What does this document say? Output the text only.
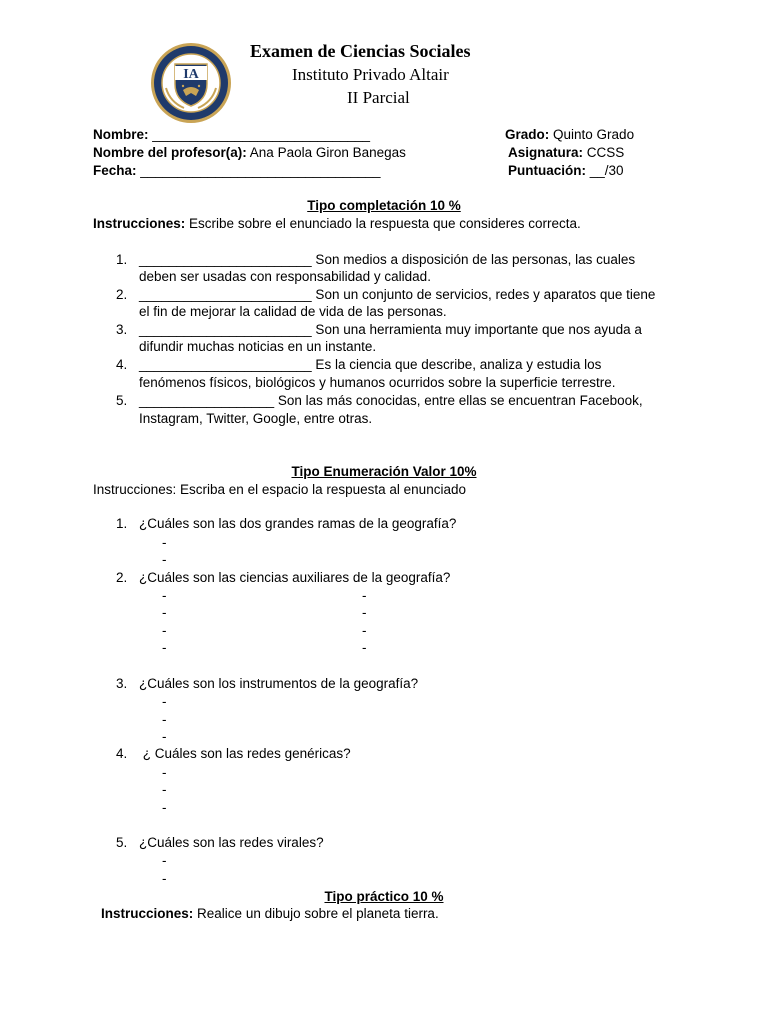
IA
Examen de Ciencias Sociales
Instituto Privado Altair
II Parcial
Nombre: _____________________________
Nombre del profesor(a): Ana Paola Giron Banegas
Fecha: ________________________________
Grado: Quinto Grado
Asignatura: CCSS
Puntuación: __/30
Tipo completación 10 %
Instrucciones: Escribe sobre el enunciado la respuesta que consideres correcta.
1. _______________________ Son medios a disposición de las personas, las cuales
deben ser usadas con responsabilidad y calidad.
2. _______________________ Son un conjunto de servicios, redes y aparatos que tiene
el fin de mejorar la calidad de vida de las personas.
3. _______________________ Son una herramienta muy importante que nos ayuda a
difundir muchas noticias en un instante.
4. _______________________ Es la ciencia que describe, analiza y estudia los
fenómenos físicos, biológicos y humanos ocurridos sobre la superficie terrestre.
5. __________________ Son las más conocidas, entre ellas se encuentran Facebook,
Instagram, Twitter, Google, entre otras.
Tipo Enumeración Valor 10%
Instrucciones: Escriba en el espacio la respuesta al enunciado
1. ¿Cuáles son las dos grandes ramas de la geografía?
-
-
2. ¿Cuáles son las ciencias auxiliares de la geografía?
-
-
-
-
-
-
-
-
3. ¿Cuáles son los instrumentos de la geografía?
-
-
-
4. ¿ Cuáles son las redes genéricas?
-
-
-
5. ¿Cuáles son las redes virales?
-
-
Tipo práctico 10 %
Instrucciones: Realice un dibujo sobre el planeta tierra.
